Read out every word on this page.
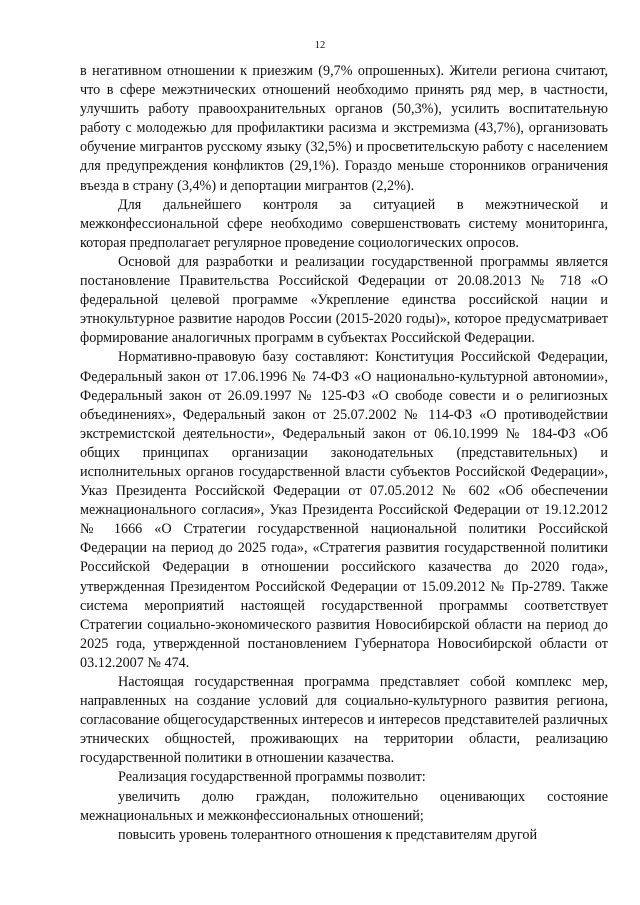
12

в негативном отношении к приезжим (9,7% опрошенных). Жители региона считают, что в сфере межэтнических отношений необходимо принять ряд мер, в частности, улучшить работу правоохранительных органов (50,3%), усилить воспитательную работу с молодежью для профилактики расизма и экстремизма (43,7%), организовать обучение мигрантов русскому языку (32,5%) и просветительскую работу с населением для предупреждения конфликтов (29,1%). Гораздо меньше сторонников ограничения въезда в страну (3,4%) и депортации мигрантов (2,2%).

Для дальнейшего контроля за ситуацией в межэтнической и межконфессиональной сфере необходимо совершенствовать систему мониторинга, которая предполагает регулярное проведение социологических опросов.

Основой для разработки и реализации государственной программы является постановление Правительства Российской Федерации от 20.08.2013 № 718 «О федеральной целевой программе «Укрепление единства российской нации и этнокультурное развитие народов России (2015-2020 годы)», которое предусматривает формирование аналогичных программ в субъектах Российской Федерации.

Нормативно-правовую базу составляют: Конституция Российской Федерации, Федеральный закон от 17.06.1996 № 74-ФЗ «О национально-культурной автономии», Федеральный закон от 26.09.1997 № 125-ФЗ «О свободе совести и о религиозных объединениях», Федеральный закон от 25.07.2002 № 114-ФЗ «О противодействии экстремистской деятельности», Федеральный закон от 06.10.1999 № 184-ФЗ «Об общих принципах организации законодательных (представительных) и исполнительных органов государственной власти субъектов Российской Федерации», Указ Президента Российской Федерации от 07.05.2012 № 602 «Об обеспечении межнационального согласия», Указ Президента Российской Федерации от 19.12.2012 № 1666 «О Стратегии государственной национальной политики Российской Федерации на период до 2025 года», «Стратегия развития государственной политики Российской Федерации в отношении российского казачества до 2020 года», утвержденная Президентом Российской Федерации от 15.09.2012 № Пр-2789. Также система мероприятий настоящей государственной программы соответствует Стратегии социально-экономического развития Новосибирской области на период до 2025 года, утвержденной постановлением Губернатора Новосибирской области от 03.12.2007 № 474.

Настоящая государственная программа представляет собой комплекс мер, направленных на создание условий для социально-культурного развития региона, согласование общегосударственных интересов и интересов представителей различных этнических общностей, проживающих на территории области, реализацию государственной политики в отношении казачества.

Реализация государственной программы позволит:

увеличить долю граждан, положительно оценивающих состояние межнациональных и межконфессиональных отношений;

повысить уровень толерантного отношения к представителям другой
